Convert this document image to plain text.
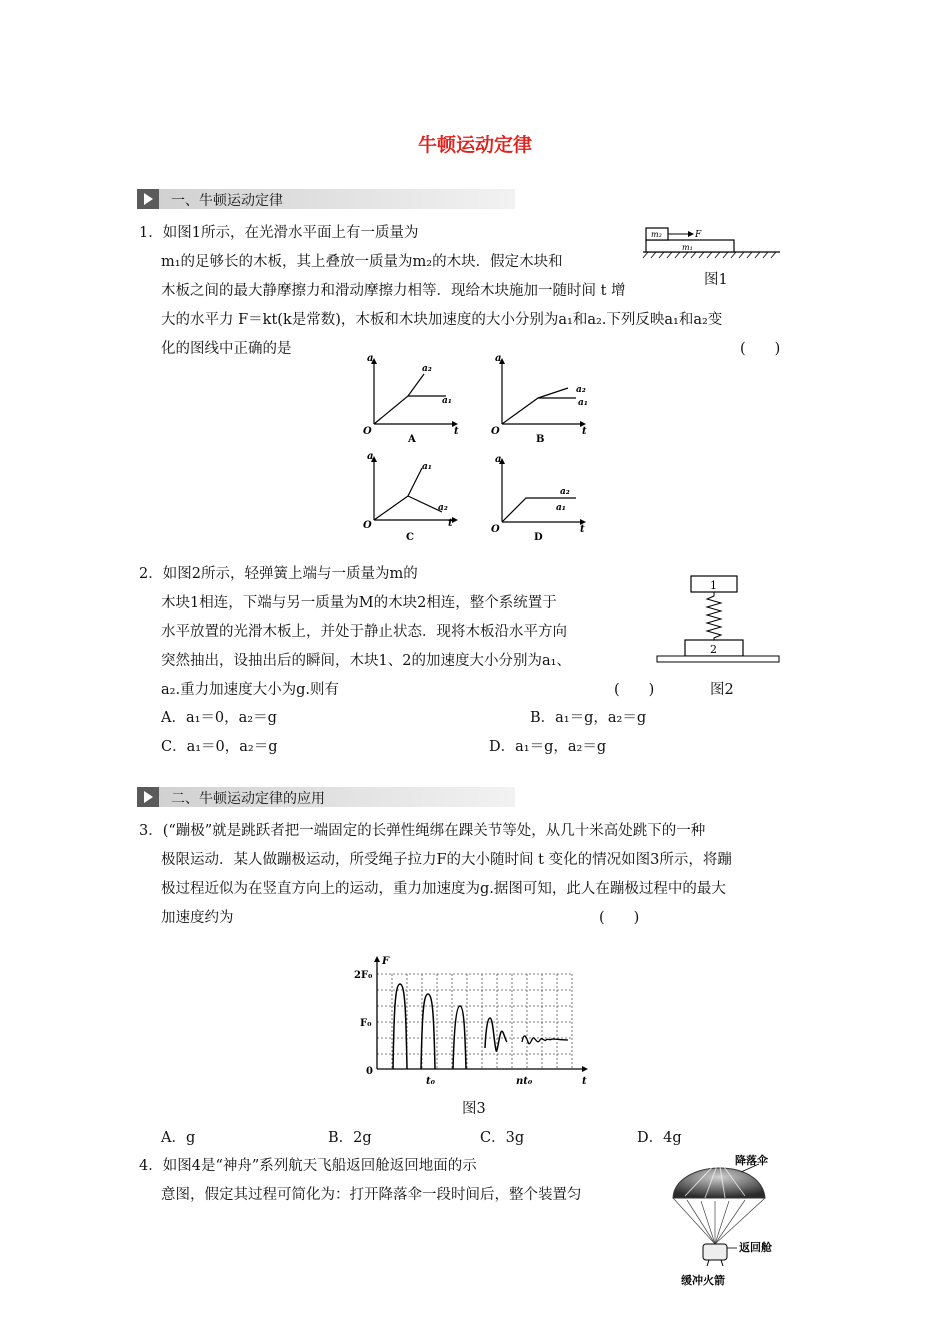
牛顿运动定律
一、牛顿运动定律
1．如图1所示，在光滑水平面上有一质量为
m₁的足够长的木板，其上叠放一质量为m₂的木块．假定木块和
木板之间的最大静摩擦力和滑动摩擦力相等．现给木块施加一随时间 t 增
大的水平力 F＝kt(k是常数)，木板和木块加速度的大小分别为a₁和a₂.下列反映a₁和a₂变
化的图线中正确的是	(　　)
m₂
m₁
F
图1
a
t
O
a₂
a₁
A
a
t
O
a₂
a₁
B
a
t
O
a₁
a₂
C
a
t
O
a₂
a₁
D
2．如图2所示，轻弹簧上端与一质量为m的
木块1相连，下端与另一质量为M的木块2相连，整个系统置于
水平放置的光滑木板上，并处于静止状态．现将木板沿水平方向
突然抽出，设抽出后的瞬间，木块1、2的加速度大小分别为a₁、
a₂.重力加速度大小为g.则有	(　　)
1
2
图2
A．a₁＝0，a₂＝g	B．a₁＝g，a₂＝g
C．a₁＝0，a₂＝g	D．a₁＝g，a₂＝g
二、牛顿运动定律的应用
3．(“蹦极”就是跳跃者把一端固定的长弹性绳绑在踝关节等处，从几十米高处跳下的一种
极限运动．某人做蹦极运动，所受绳子拉力F的大小随时间 t 变化的情况如图3所示，将蹦
极过程近似为在竖直方向上的运动，重力加速度为g.据图可知，此人在蹦极过程中的最大
加速度约为	(　　)
2F₀
F₀
0
F
t
t₀	nt₀
图3
A．g	B．2g	C．3g	D．4g
4．如图4是“神舟”系列航天飞船返回舱返回地面的示
意图，假定其过程可简化为：打开降落伞一段时间后，整个装置匀
降落伞
返回舱
缓冲火箭
